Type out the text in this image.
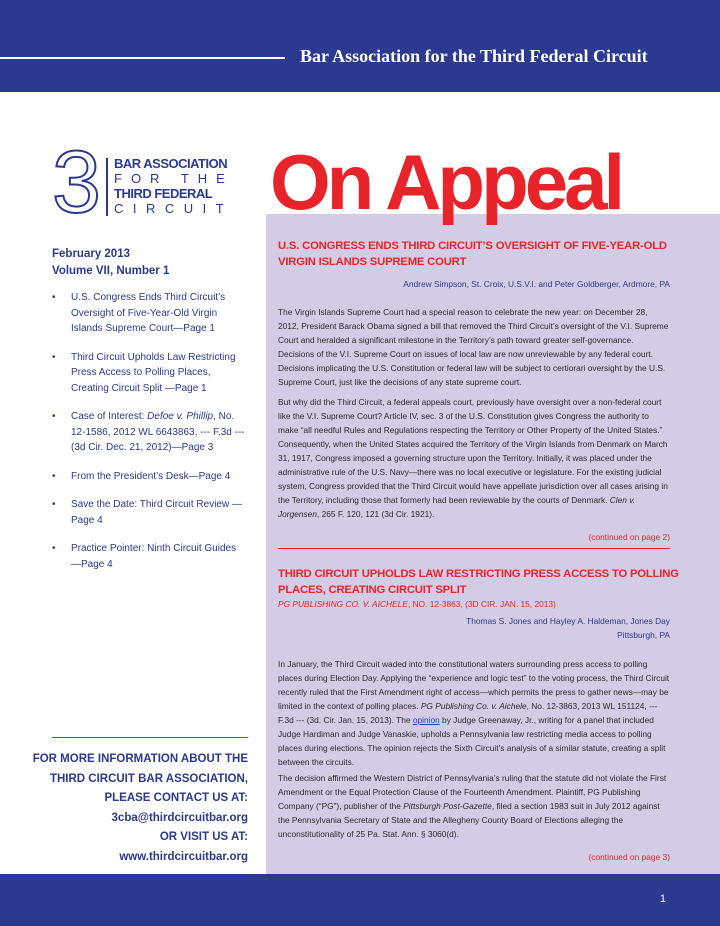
Bar Association for the Third Federal Circuit
3 BAR ASSOCIATION
FOR THE
THIRD FEDERAL
CIRCUIT On Appeal
February 2013
Volume VII, Number 1
• U.S. Congress Ends Third Circuit’s Oversight of Five-Year-Old Virgin Islands Supreme Court—Page 1
• Third Circuit Upholds Law Restricting Press Access to Polling Places, Creating Circuit Split —Page 1
• Case of Interest: Defoe v. Phillip, No. 12-1586, 2012 WL 6643863, --- F.3d --- (3d Cir. Dec. 21, 2012)—Page 3
• From the President’s Desk—Page 4
• Save the Date: Third Circuit Review —Page 4
• Practice Pointer: Ninth Circuit Guides —Page 4
FOR MORE INFORMATION ABOUT THE
THIRD CIRCUIT BAR ASSOCIATION,
PLEASE CONTACT US AT:
3cba@thirdcircuitbar.org
OR VISIT US AT:
www.thirdcircuitbar.org
U.S. CONGRESS ENDS THIRD CIRCUIT’S OVERSIGHT OF FIVE-YEAR-OLD VIRGIN ISLANDS SUPREME COURT
Andrew Simpson, St. Croix, U.S.V.I. and Peter Goldberger, Ardmore, PA
The Virgin Islands Supreme Court had a special reason to celebrate the new year: on December 28, 2012, President Barack Obama signed a bill that removed the Third Circuit’s oversight of the V.I. Supreme Court and heralded a significant milestone in the Territory’s path toward greater self-governance. Decisions of the V.I. Supreme Court on issues of local law are now unreviewable by any federal court. Decisions implicating the U.S. Constitution or federal law will be subject to certiorari oversight by the U.S. Supreme Court, just like the decisions of any state supreme court.
But why did the Third Circuit, a federal appeals court, previously have oversight over a non-federal court like the V.I. Supreme Court? Article IV, sec. 3 of the U.S. Constitution gives Congress the authority to make “all needful Rules and Regulations respecting the Territory or Other Property of the United States.” Consequently, when the United States acquired the Territory of the Virgin Islands from Denmark on March 31, 1917, Congress imposed a governing structure upon the Territory. Initially, it was placed under the administrative rule of the U.S. Navy—there was no local executive or legislature. For the existing judicial system, Congress provided that the Third Circuit would have appellate jurisdiction over all cases arising in the Territory, including those that formerly had been reviewable by the courts of Denmark. Clen v. Jorgensen, 265 F. 120, 121 (3d Cir. 1921).
(continued on page 2)
THIRD CIRCUIT UPHOLDS LAW RESTRICTING PRESS ACCESS TO POLLING PLACES, CREATING CIRCUIT SPLIT
PG PUBLISHING CO. V. AICHELE, NO. 12-3863, (3D CIR. JAN. 15, 2013)
Thomas S. Jones and Hayley A. Haldeman, Jones Day
Pittsburgh, PA
In January, the Third Circuit waded into the constitutional waters surrounding press access to polling places during Election Day. Applying the “experience and logic test” to the voting process, the Third Circuit recently ruled that the First Amendment right of access—which permits the press to gather news—may be limited in the context of polling places. PG Publishing Co. v. Aichele, No. 12-3863, 2013 WL 151124, --- F.3d --- (3d. Cir. Jan. 15, 2013). The opinion by Judge Greenaway, Jr., writing for a panel that included Judge Hardiman and Judge Vanaskie, upholds a Pennsylvania law restricting media access to polling places during elections. The opinion rejects the Sixth Circuit’s analysis of a similar statute, creating a split between the circuits.
The decision affirmed the Western District of Pennsylvania’s ruling that the statute did not violate the First Amendment or the Equal Protection Clause of the Fourteenth Amendment. Plaintiff, PG Publishing Company (“PG”), publisher of the Pittsburgh Post-Gazette, filed a section 1983 suit in July 2012 against the Pennsylvania Secretary of State and the Allegheny County Board of Elections alleging the unconstitutionality of 25 Pa. Stat. Ann. § 3060(d).
(continued on page 3)
1
